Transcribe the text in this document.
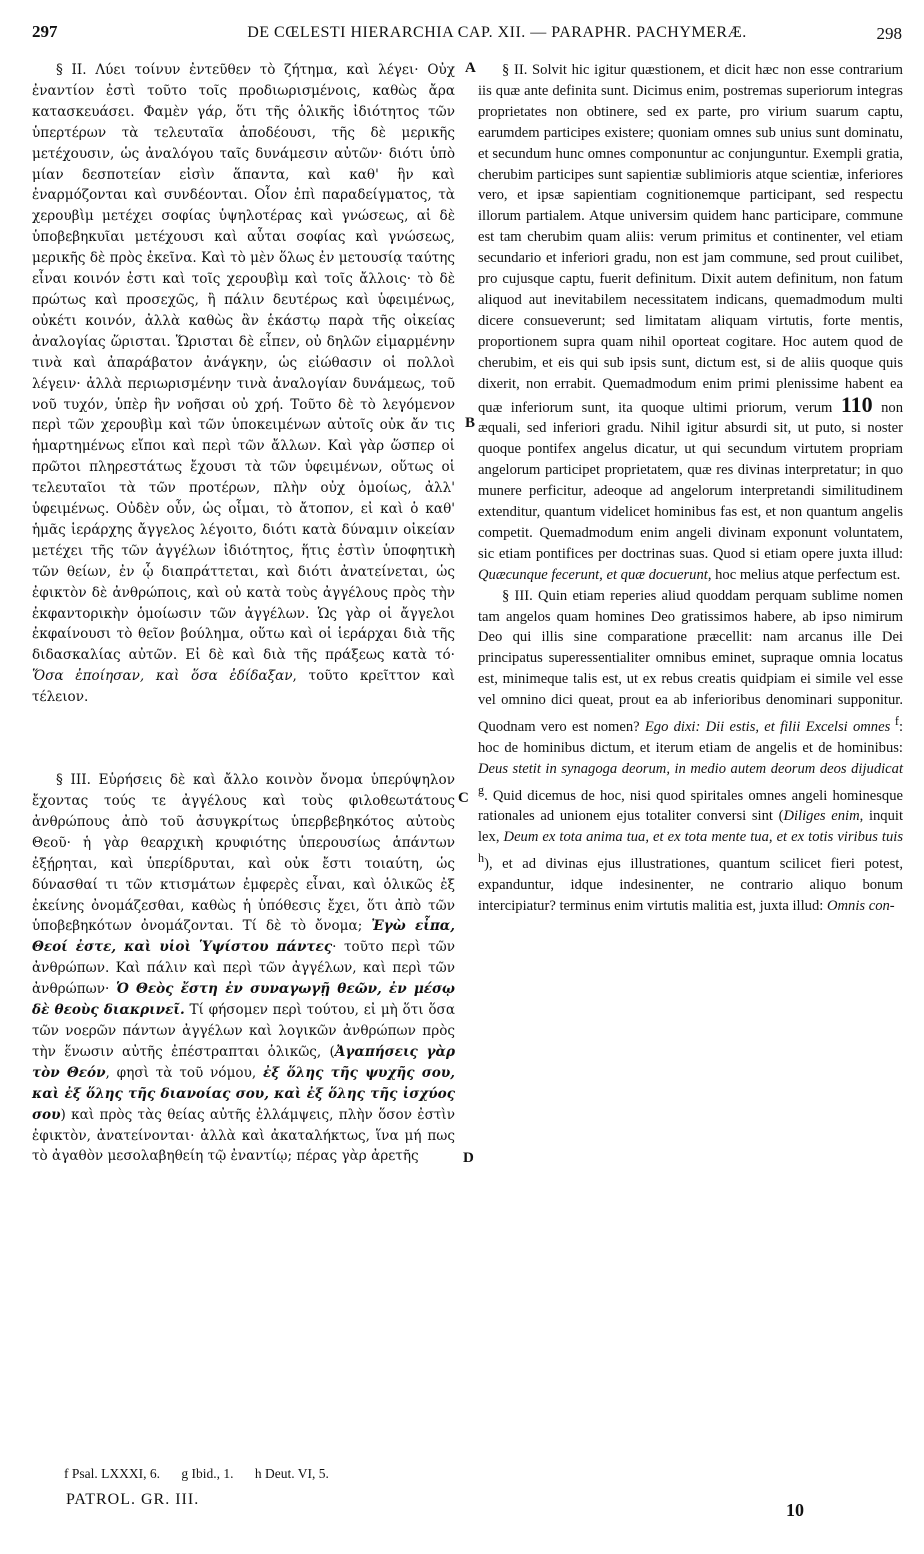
297	DE CŒLESTI HIERARCHIA CAP. XII. — PARAPHR. PACHYMERÆ.	298
A
B
C
D

§ II. Λύει τοίνυν ἐντεῦθεν τὸ ζήτημα, καὶ λέγει· Οὐχ ἐναντίον ἐστὶ τοῦτο τοῖς προδιωρισμένοις, καθὼς ἄρα κατασκευάσει. Φαμὲν γάρ, ὅτι τῆς ὁλικῆς ἰδιότητος τῶν ὑπερτέρων τὰ τελευταῖα ἀποδέουσι, τῆς δὲ μερικῆς μετέχουσιν, ὡς ἀναλόγου ταῖς δυνάμεσιν αὐτῶν· διότι ὑπὸ μίαν δεσποτείαν εἰσὶν ἅπαντα, καὶ καθ' ἣν καὶ ἐναρμόζονται καὶ συνδέονται. Οἷον ἐπὶ παραδείγματος, τὰ χερουβὶμ μετέχει σοφίας ὑψηλοτέρας καὶ γνώσεως, αἱ δὲ ὑποβεβηκυῖαι μετέχουσι καὶ αὗται σοφίας καὶ γνώσεως, μερικῆς δὲ πρὸς ἐκεῖνα. Καὶ τὸ μὲν ὅλως ἐν μετουσίᾳ ταύτης εἶναι κοινόν ἐστι καὶ τοῖς χερουβὶμ καὶ τοῖς ἄλλοις· τὸ δὲ πρώτως καὶ προσεχῶς, ἢ πάλιν δευτέρως καὶ ὑφειμένως, οὐκέτι κοινόν, ἀλλὰ καθὼς ἂν ἑκάστῳ παρὰ τῆς οἰκείας ἀναλογίας ὥρισται. Ὥρισται δὲ εἶπεν, οὐ δηλῶν εἱμαρμένην τινὰ καὶ ἀπαράβατον ἀνάγκην, ὡς εἰώθασιν οἱ πολλοὶ λέγειν· ἀλλὰ περιωρισμένην τινὰ ἀναλογίαν δυνάμεως, τοῦ νοῦ τυχόν, ὑπὲρ ἣν νοῆσαι οὐ χρή. Τοῦτο δὲ τὸ λεγόμενον περὶ τῶν χερουβὶμ καὶ τῶν ὑποκειμένων αὐτοῖς οὐκ ἄν τις ἡμαρτημένως εἴποι καὶ περὶ τῶν ἄλλων. Καὶ γὰρ ὥσπερ οἱ πρῶτοι πληρεστάτως ἔχουσι τὰ τῶν ὑφειμένων, οὕτως οἱ τελευταῖοι τὰ τῶν προτέρων, πλὴν οὐχ ὁμοίως, ἀλλ' ὑφειμένως. Οὐδὲν οὖν, ὡς οἶμαι, τὸ ἄτοπον, εἰ καὶ ὁ καθ' ἡμᾶς ἱεράρχης ἄγγελος λέγοιτο, διότι κατὰ δύναμιν οἰκείαν μετέχει τῆς τῶν ἀγγέλων ἰδιότητος, ἥτις ἐστὶν ὑποφητικὴ τῶν θείων, ἐν ᾧ διαπράττεται, καὶ διότι ἀνατείνεται, ὡς ἐφικτὸν δὲ ἀνθρώποις, καὶ οὐ κατὰ τοὺς ἀγγέλους πρὸς τὴν ἐκφαντορικὴν ὁμοίωσιν τῶν ἀγγέλων. Ὡς γὰρ οἱ ἄγγελοι ἐκφαίνουσι τὸ θεῖον βούλημα, οὕτω καὶ οἱ ἱεράρχαι διὰ τῆς διδασκαλίας αὐτῶν. Εἰ δὲ καὶ διὰ τῆς πράξεως κατὰ τό· Ὅσα ἐποίησαν, καὶ ὅσα ἐδίδαξαν, τοῦτο κρεῖττον καὶ τέλειον.

§ III. Εὑρήσεις δὲ καὶ ἄλλο κοινὸν ὄνομα ὑπερύψηλον ἔχοντας τούς τε ἀγγέλους καὶ τοὺς φιλοθεωτάτους ἀνθρώπους ἀπὸ τοῦ ἀσυγκρίτως ὑπερβεβηκότος αὐτοὺς Θεοῦ· ἡ γὰρ θεαρχικὴ κρυφιότης ὑπερουσίως ἁπάντων ἐξῄρηται, καὶ ὑπερίδρυται, καὶ οὐκ ἔστι τοιαύτη, ὡς δύνασθαί τι τῶν κτισμάτων ἐμφερὲς εἶναι, καὶ ὁλικῶς ἐξ ἐκείνης ὀνομάζεσθαι, καθὼς ἡ ὑπόθεσις ἔχει, ὅτι ἀπὸ τῶν ὑποβεβηκότων ὀνομάζονται. Τί δὲ τὸ ὄνομα; Ἐγὼ εἶπα, Θεοί ἐστε, καὶ υἱοὶ Ὑψίστου πάντες· τοῦτο περὶ τῶν ἀνθρώπων. Καὶ πάλιν καὶ περὶ τῶν ἀγγέλων, καὶ περὶ τῶν ἀνθρώπων· Ὁ Θεὸς ἔστη ἐν συναγωγῇ θεῶν, ἐν μέσῳ δὲ θεοὺς διακρινεῖ. Τί φήσομεν περὶ τούτου, εἰ μὴ ὅτι ὅσα τῶν νοερῶν πάντων ἀγγέλων καὶ λογικῶν ἀνθρώπων πρὸς τὴν ἕνωσιν αὐτῆς ἐπέστραπται ὁλικῶς, (Ἀγαπήσεις γὰρ τὸν Θεόν, φησὶ τὰ τοῦ νόμου, ἐξ ὅλης τῆς ψυχῆς σου, καὶ ἐξ ὅλης τῆς διανοίας σου, καὶ ἐξ ὅλης τῆς ἰσχύος σου) καὶ πρὸς τὰς θείας αὐτῆς ἐλλάμψεις, πλὴν ὅσον ἐστὶν ἐφικτὸν, ἀνατείνονται· ἀλλὰ καὶ ἀκαταλήκτως, ἵνα μή πως τὸ ἀγαθὸν μεσολαβηθείη τῷ ἐναντίῳ; πέρας γὰρ ἀρετῆς

§ II. Solvit hic igitur quæstionem, et dicit hæc non esse contrarium iis quæ ante definita sunt. Dicimus enim, postremas superiorum integras proprietates non obtinere, sed ex parte, pro virium suarum captu, earumdem participes existere; quoniam omnes sub unius sunt dominatu, et secundum hunc omnes componuntur ac conjunguntur. Exempli gratia, cherubim participes sunt sapientiæ sublimioris atque scientiæ, inferiores vero, et ipsæ sapientiam cognitionemque participant, sed respectu illorum partialem. Atque universim quidem hanc participare, commune est tam cherubim quam aliis: verum primitus et continenter, vel etiam secundario et inferiori gradu, non est jam commune, sed prout cuilibet, pro cujusque captu, fuerit definitum. Dixit autem definitum, non fatum aliquod aut inevitabilem necessitatem indicans, quemadmodum multi dicere consueverunt; sed limitatam aliquam virtutis, forte mentis, proportionem supra quam nihil oporteat cogitare. Hoc autem quod de cherubim, et eis qui sub ipsis sunt, dictum est, si de aliis quoque quis dixerit, non errabit. Quemadmodum enim primi plenissime habent ea quæ inferiorum sunt, ita quoque ultimi priorum, verum 110 non æquali, sed inferiori gradu. Nihil igitur absurdi sit, ut puto, si noster quoque pontifex angelus dicatur, ut qui secundum virtutem propriam angelorum participet proprietatem, quæ res divinas interpretatur; in quo munere perficitur, adeoque ad angelorum interpretandi similitudinem extenditur, quantum videlicet hominibus fas est, et non quantum angelis competit. Quemadmodum enim angeli divinam exponunt voluntatem, sic etiam pontifices per doctrinas suas. Quod si etiam operе juxta illud: Quæcunque fecerunt, et quæ docuerunt, hoc melius atque perfectum est.

§ III. Quin etiam reperies aliud quoddam perquam sublime nomen tam angelos quam homines Deo gratissimos habere, ab ipso nimirum Deo qui illis sine comparatione præcellit: nam arcanus ille Dei principatus superessentialiter omnibus eminet, supraque omnia locatus est, minimeque talis est, ut ex rebus creatis quidpiam ei simile vel esse vel omnino dici queat, prout ea ab inferioribus denominari supponitur. Quodnam vero est nomen? Ego dixi: Dii estis, et filii Excelsi omnes $^f$: hoc de hominibus dictum, et iterum etiam de angelis et de hominibus: Deus stetit in synagoga deorum, in medio autem deorum deos dijudicat $^g$. Quid dicemus de hoc, nisi quod spiritales omnes angeli hominesque rationales ad unionem ejus totaliter conversi sint (Diliges enim, inquit lex, Deum ex tota anima tua, et ex tota mente tua, et ex totis viribus tuis $^h$), et ad divinas ejus illustrationes, quantum scilicet fieri potest, expanduntur, idque indesinenter, ne contrario aliquo bonum intercipiatur? terminus enim virtutis malitia est, juxta illud: Omnis con-

f Psal. LXXXI, 6. g Ibid., 1. h Deut. VI, 5.
PATROL. GR. III.
10
